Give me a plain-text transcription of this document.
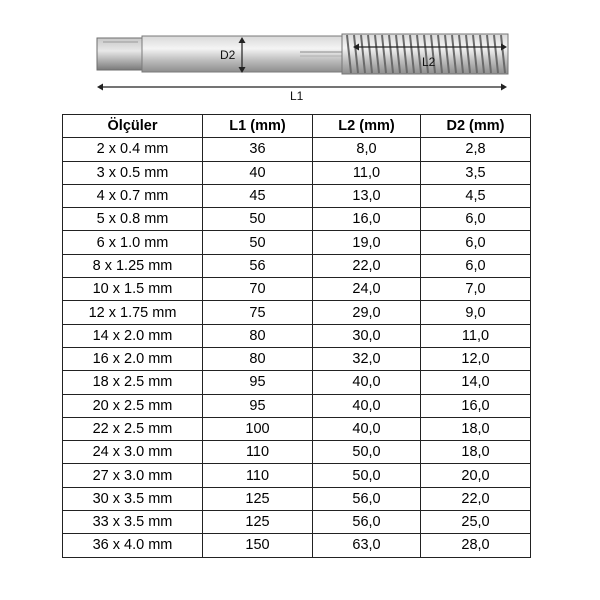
D2	L2
L1
Ölçüler	L1 (mm)	L2 (mm)	D2 (mm)
2 x 0.4 mm	36	8,0	2,8
3 x 0.5 mm	40	11,0	3,5
4 x 0.7 mm	45	13,0	4,5
5 x 0.8 mm	50	16,0	6,0
6 x 1.0 mm	50	19,0	6,0
8 x 1.25 mm	56	22,0	6,0
10 x 1.5 mm	70	24,0	7,0
12 x 1.75 mm	75	29,0	9,0
14 x 2.0 mm	80	30,0	11,0
16 x 2.0 mm	80	32,0	12,0
18 x 2.5 mm	95	40,0	14,0
20 x 2.5 mm	95	40,0	16,0
22 x 2.5 mm	100	40,0	18,0
24 x 3.0 mm	110	50,0	18,0
27 x 3.0 mm	110	50,0	20,0
30 x 3.5 mm	125	56,0	22,0
33 x 3.5 mm	125	56,0	25,0
36 x 4.0 mm	150	63,0	28,0
